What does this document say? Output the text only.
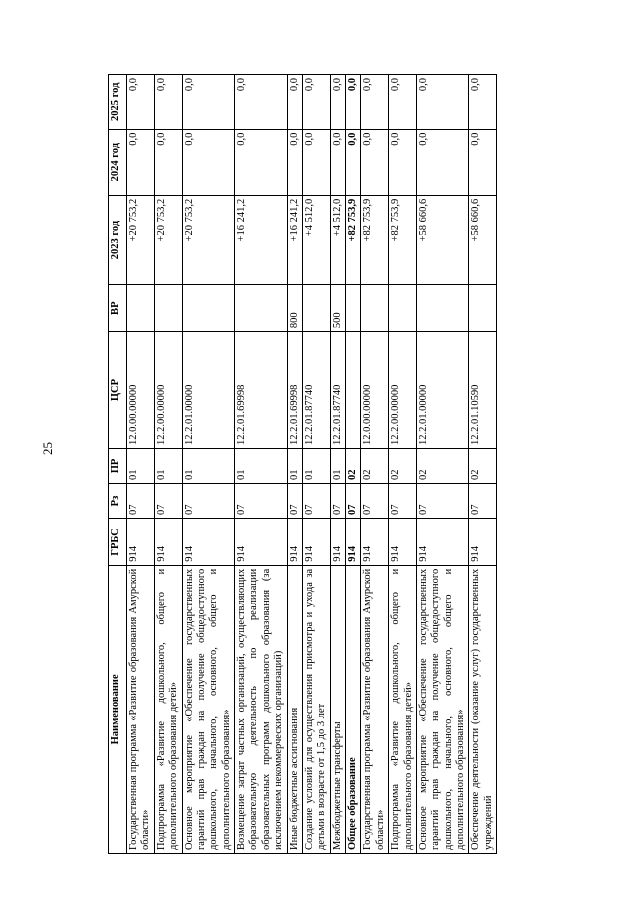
25
Наименование	ГРБС	Рз	ПР	ЦСР	ВР	2023 год	2024 год	2025 год
Государственная программа «Развитие образования Амурской области»	914	07	01	12.0.00.00000		+20 753,2	0,0	0,0
Подпрограмма «Развитие дошкольного, общего и дополнительного образования детей»	914	07	01	12.2.00.00000		+20 753,2	0,0	0,0
Основное мероприятие «Обеспечение государственных гарантий прав граждан на получение общедоступного дошкольного, начального, основного, общего и дополнительного образования»	914	07	01	12.2.01.00000		+20 753,2	0,0	0,0
Возмещение затрат частных организаций, осуществляющих образовательную деятельность по реализации образовательных программ дошкольного образования (за исключением некоммерческих организаций)	914	07	01	12.2.01.69998		+16 241,2	0,0	0,0
Иные бюджетные ассигнования	914	07	01	12.2.01.69998	800	+16 241,2	0,0	0,0
Создание условий для осуществления присмотра и ухода за детьми в возрасте от 1,5 до 3 лет	914	07	01	12.2.01.87740		+4 512,0	0,0	0,0
Межбюджетные трансферты	914	07	01	12.2.01.87740	500	+4 512,0	0,0	0,0
Общее образование	914	07	02			+82 753,9	0,0	0,0
Государственная программа «Развитие образования Амурской области»	914	07	02	12.0.00.00000		+82 753,9	0,0	0,0
Подпрограмма «Развитие дошкольного, общего и дополнительного образования детей»	914	07	02	12.2.00.00000		+82 753,9	0,0	0,0
Основное мероприятие «Обеспечение государственных гарантий прав граждан на получение общедоступного дошкольного, начального, основного, общего и дополнительного образования»	914	07	02	12.2.01.00000		+58 660,6	0,0	0,0
Обеспечение деятельности (оказание услуг) государственных учреждений	914	07	02	12.2.01.10590		+58 660,6	0,0	0,0
